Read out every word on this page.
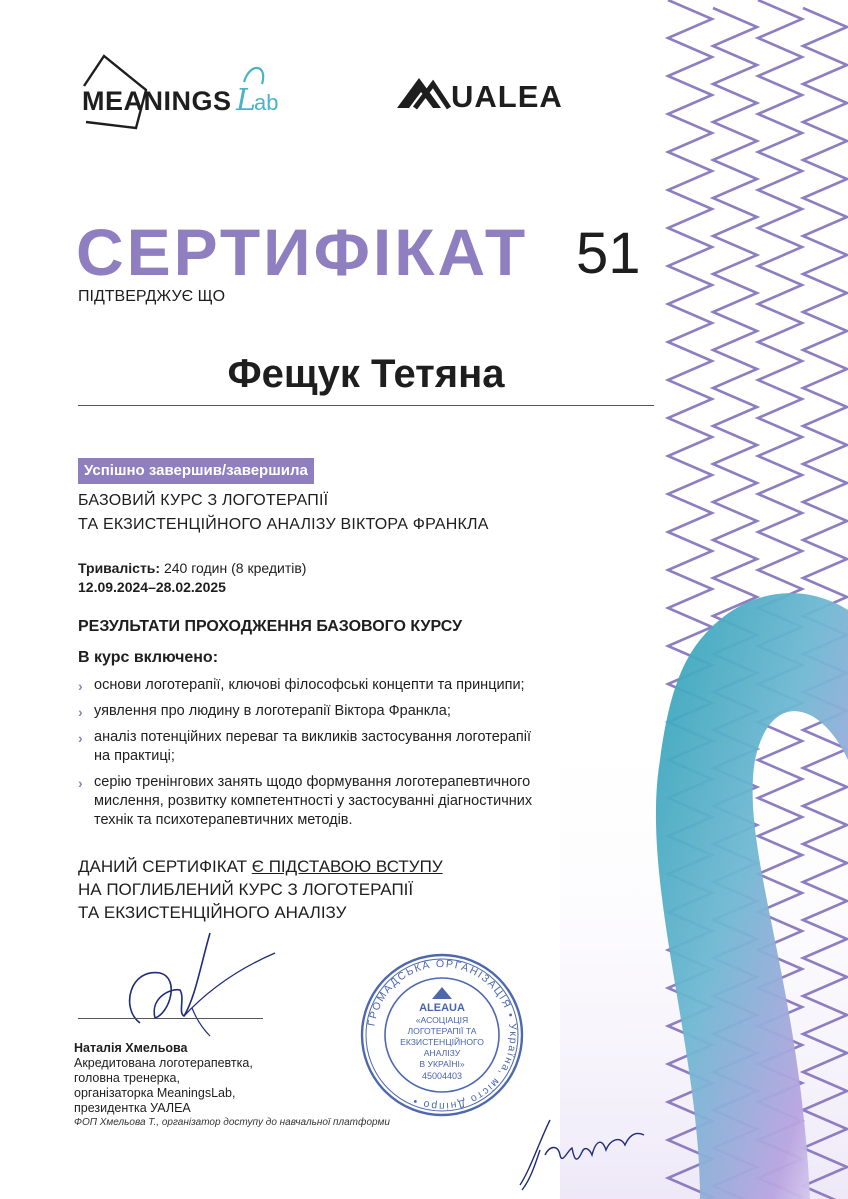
MEANINGS L
ab	UALEA
СЕРТИФІКАТ 51
ПІДТВЕРДЖУЄ ЩО
Фещук Тетяна
Успішно завершив/завершила
БАЗОВИЙ КУРС З ЛОГОТЕРАПІЇ
ТА ЕКЗИСТЕНЦІЙНОГО АНАЛІЗУ ВІКТОРА ФРАНКЛА
Тривалість: 240 годин (8 кредитів)
12.09.2024–28.02.2025
РЕЗУЛЬТАТИ ПРОХОДЖЕННЯ БАЗОВОГО КУРСУ
В курс включено:
› основи логотерапії, ключові філософські концепти та принципи;
› уявлення про людину в логотерапії Віктора Франкла;
› аналіз потенційних переваг та викликів застосування логотерапії
на практиці;
› серію тренінгових занять щодо формування логотерапевтичного
мислення, розвитку компетентності у застосуванні діагностичних
технік та психотерапевтичних методів.
ДАНИЙ СЕРТИФІКАТ Є ПІДСТАВОЮ ВСТУПУ
НА ПОГЛИБЛЕНИЙ КУРС З ЛОГОТЕРАПІЇ
ТА ЕКЗИСТЕНЦІЙНОГО АНАЛІЗУ
Наталія Хмельова
Акредитована логотерапевтка,
головна тренерка,
організаторка MeaningsLab,
президентка УАЛЕА
ФОП Хмельова Т., організатор доступу до навчальної платформи
ГРОМАДСЬКА ОРГАНІЗАЦІЯ • Україна, місто Дніпро •
ALEAUA
«АСОЦІАЦІЯ
ЛОГОТЕРАПІЇ ТА
ЕКЗИСТЕНЦІЙНОГО
АНАЛІЗУ
В УКРАЇНІ»
45004403
